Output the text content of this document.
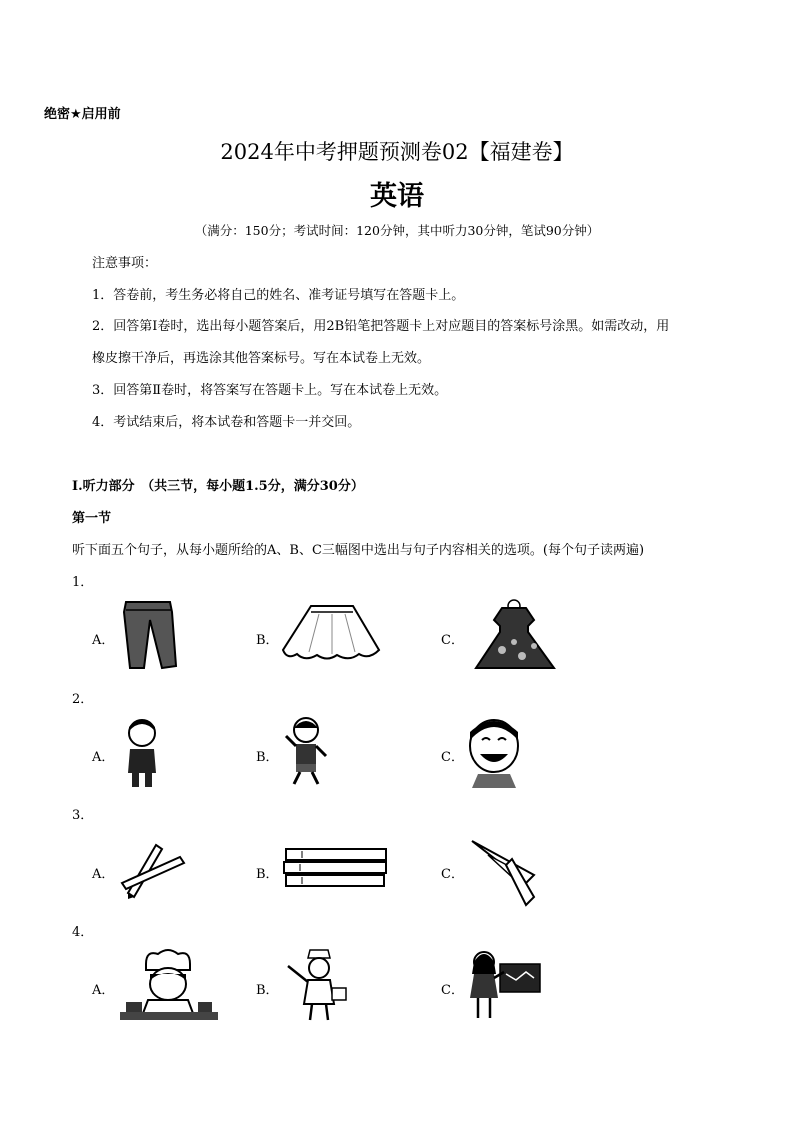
绝密★启用前
2024年中考押题预测卷02【福建卷】
英语
（满分：150分；考试时间：120分钟，其中听力30分钟，笔试90分钟）
注意事项：
1．答卷前，考生务必将自己的姓名、准考证号填写在答题卡上。
2．回答第Ⅰ卷时，选出每小题答案后，用2B铅笔把答题卡上对应题目的答案标号涂黑。如需改动，用
橡皮擦干净后，再选涂其他答案标号。写在本试卷上无效。
3．回答第Ⅱ卷时，将答案写在答题卡上。写在本试卷上无效。
4．考试结束后，将本试卷和答题卡一并交回。
I.听力部分　（共三节，每小题1.5分，满分30分）
第一节
听下面五个句子，从每小题所给的A、B、C三幅图中选出与句子内容相关的选项。(每个句子读两遍)
1．
A．	B．	C．
2．
A．	B．	C．
3．
A．	B．	C．
4．
A．	B．	C．
